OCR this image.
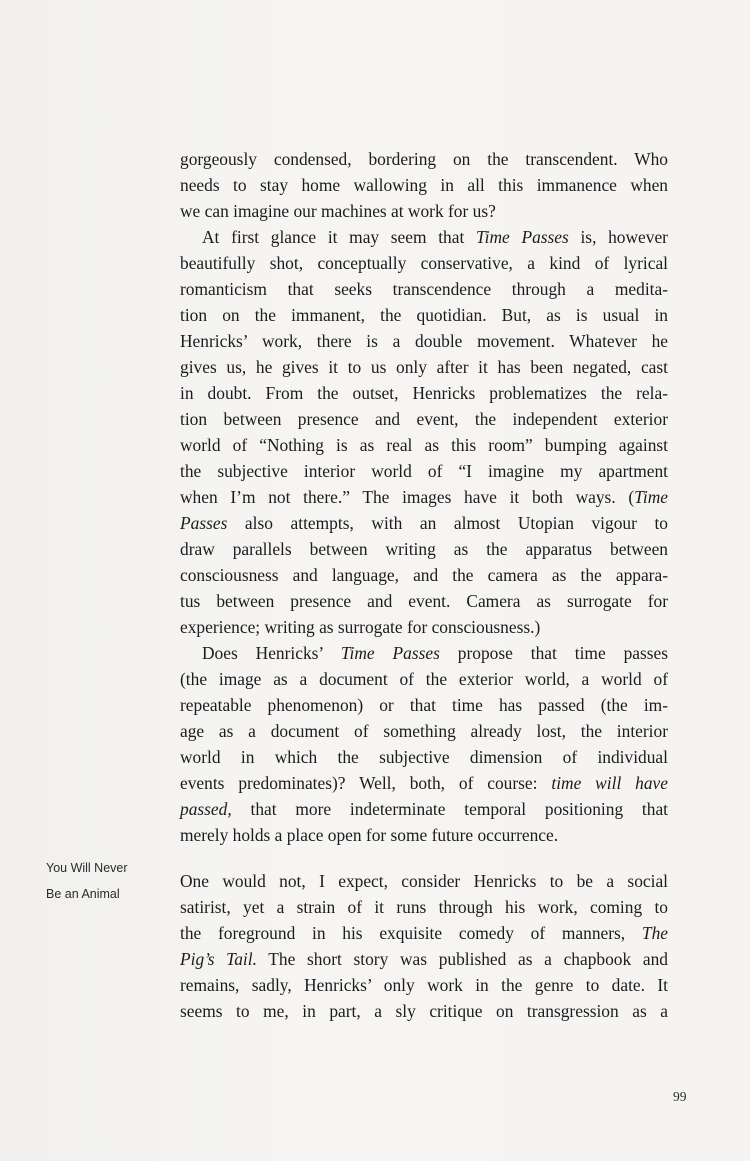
gorgeously condensed, bordering on the transcendent. Who
needs to stay home wallowing in all this immanence when
we can imagine our machines at work for us?
At first glance it may seem that Time Passes is, however
beautifully shot, conceptually conservative, a kind of lyrical
romanticism that seeks transcendence through a medita-
tion on the immanent, the quotidian. But, as is usual in
Henricks’ work, there is a double movement. Whatever he
gives us, he gives it to us only after it has been negated, cast
in doubt. From the outset, Henricks problematizes the rela-
tion between presence and event, the independent exterior
world of “Nothing is as real as this room” bumping against
the subjective interior world of “I imagine my apartment
when I’m not there.” The images have it both ways. (Time
Passes also attempts, with an almost Utopian vigour to
draw parallels between writing as the apparatus between
consciousness and language, and the camera as the appara-
tus between presence and event. Camera as surrogate for
experience; writing as surrogate for consciousness.)
Does Henricks’ Time Passes propose that time passes
(the image as a document of the exterior world, a world of
repeatable phenomenon) or that time has passed (the im-
age as a document of something already lost, the interior
world in which the subjective dimension of individual
events predominates)? Well, both, of course: time will have
passed, that more indeterminate temporal positioning that
merely holds a place open for some future occurrence.
One would not, I expect, consider Henricks to be a social
satirist, yet a strain of it runs through his work, coming to
the foreground in his exquisite comedy of manners, The
Pig’s Tail. The short story was published as a chapbook and
remains, sadly, Henricks’ only work in the genre to date. It
seems to me, in part, a sly critique on transgression as a
You Will Never
Be an Animal
99
